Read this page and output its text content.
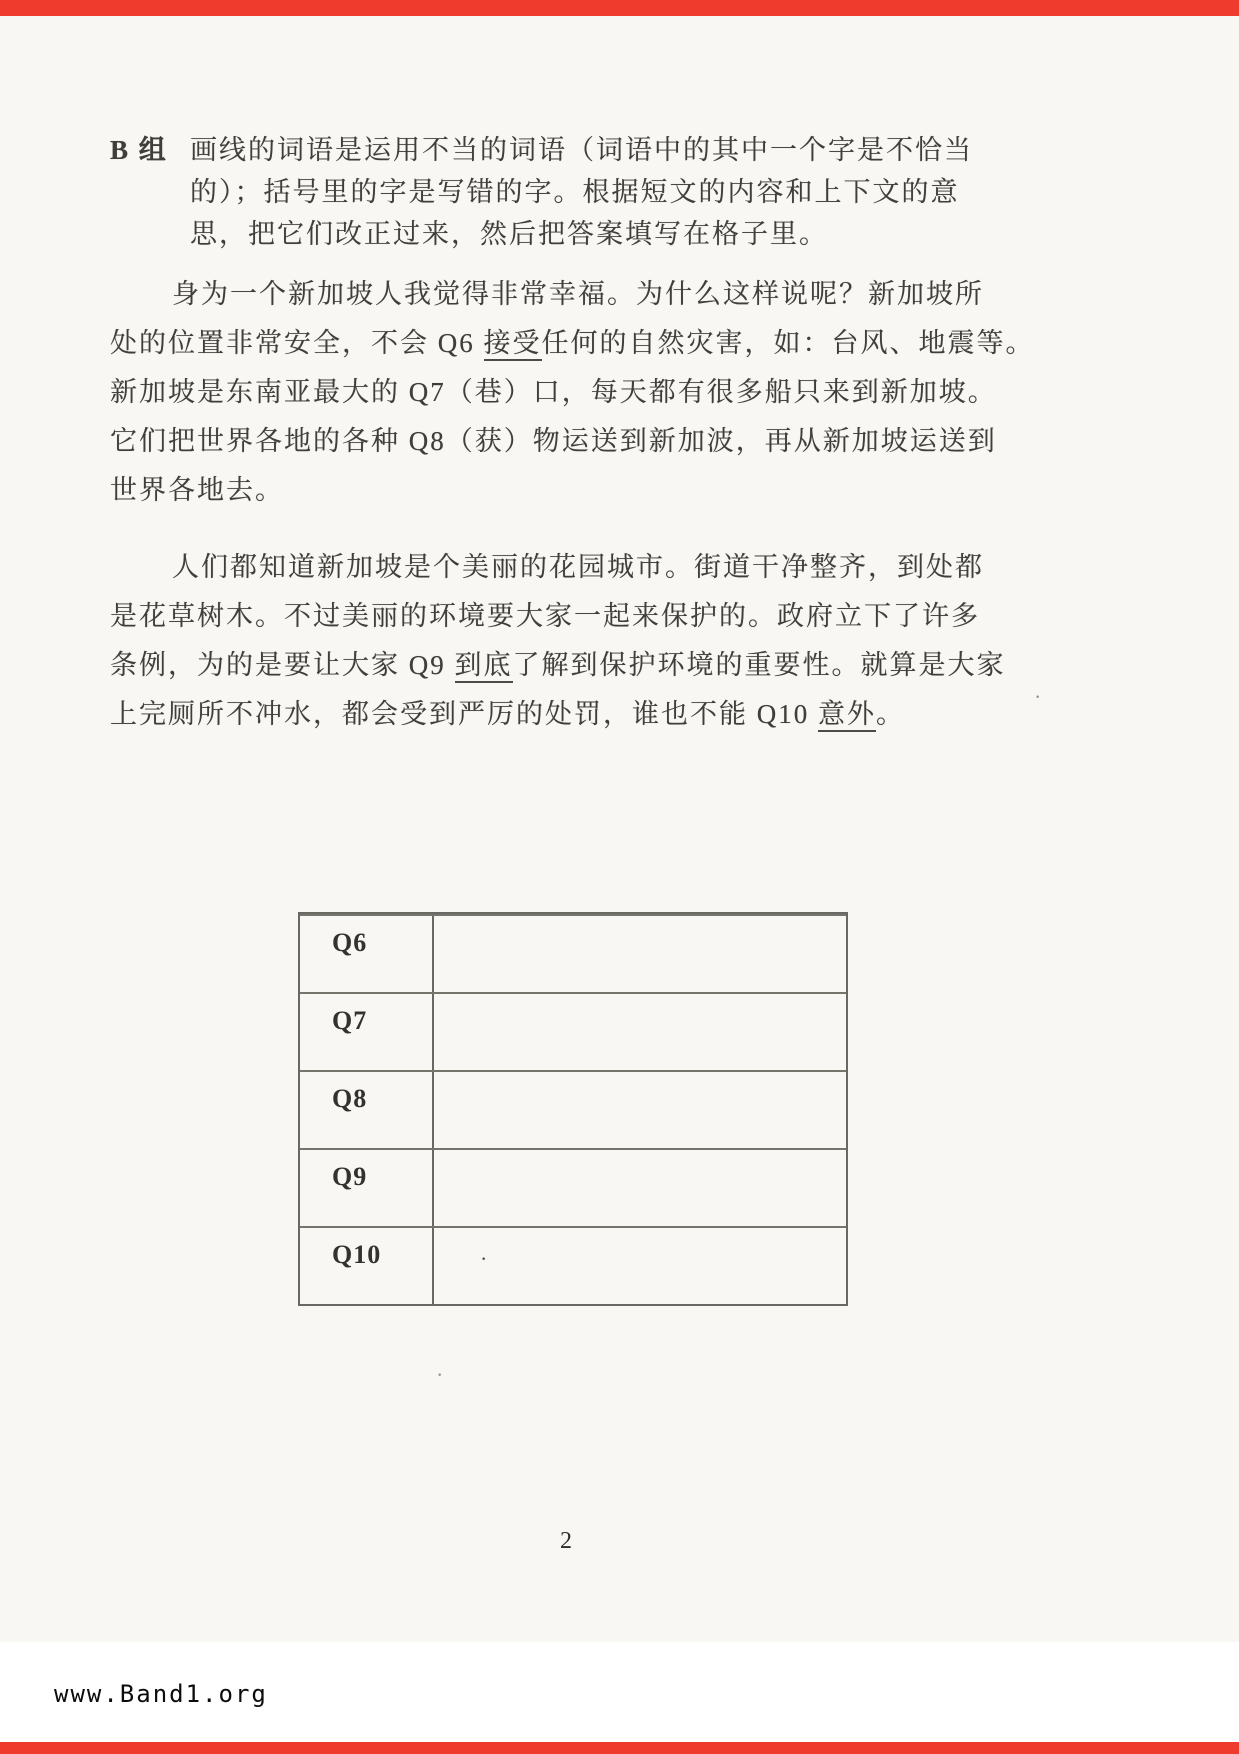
B 组 画线的词语是运用不当的词语（词语中的其中一个字是不恰当
的）；括号里的字是写错的字。根据短文的内容和上下文的意
思，把它们改正过来，然后把答案填写在格子里。
身为一个新加坡人我觉得非常幸福。为什么这样说呢？新加坡所
处的位置非常安全，不会 Q6 接受任何的自然灾害，如：台风、地震等。
新加坡是东南亚最大的 Q7（巷）口，每天都有很多船只来到新加坡。
它们把世界各地的各种 Q8（获）物运送到新加波，再从新加坡运送到
世界各地去。
人们都知道新加坡是个美丽的花园城市。街道干净整齐，到处都
是花草树木。不过美丽的环境要大家一起来保护的。政府立下了许多
条例，为的是要让大家 Q9 到底了解到保护环境的重要性。就算是大家
上完厕所不冲水，都会受到严厉的处罚，谁也不能 Q10 意外。
·
·
Q6
Q7
Q8
Q9
Q10	·
2
www.Band1.org
